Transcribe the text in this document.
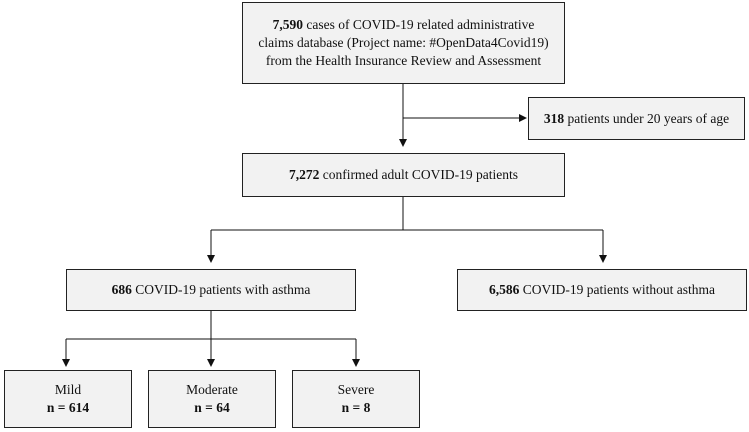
7,590 cases of COVID-19 related administrative
claims database (Project name: #OpenData4Covid19)
from the Health Insurance Review and Assessment
318 patients under 20 years of age
7,272 confirmed adult COVID-19 patients
686 COVID-19 patients with asthma	6,586 COVID-19 patients without asthma
Mild
n = 614
Moderate
n = 64
Severe
n = 8
